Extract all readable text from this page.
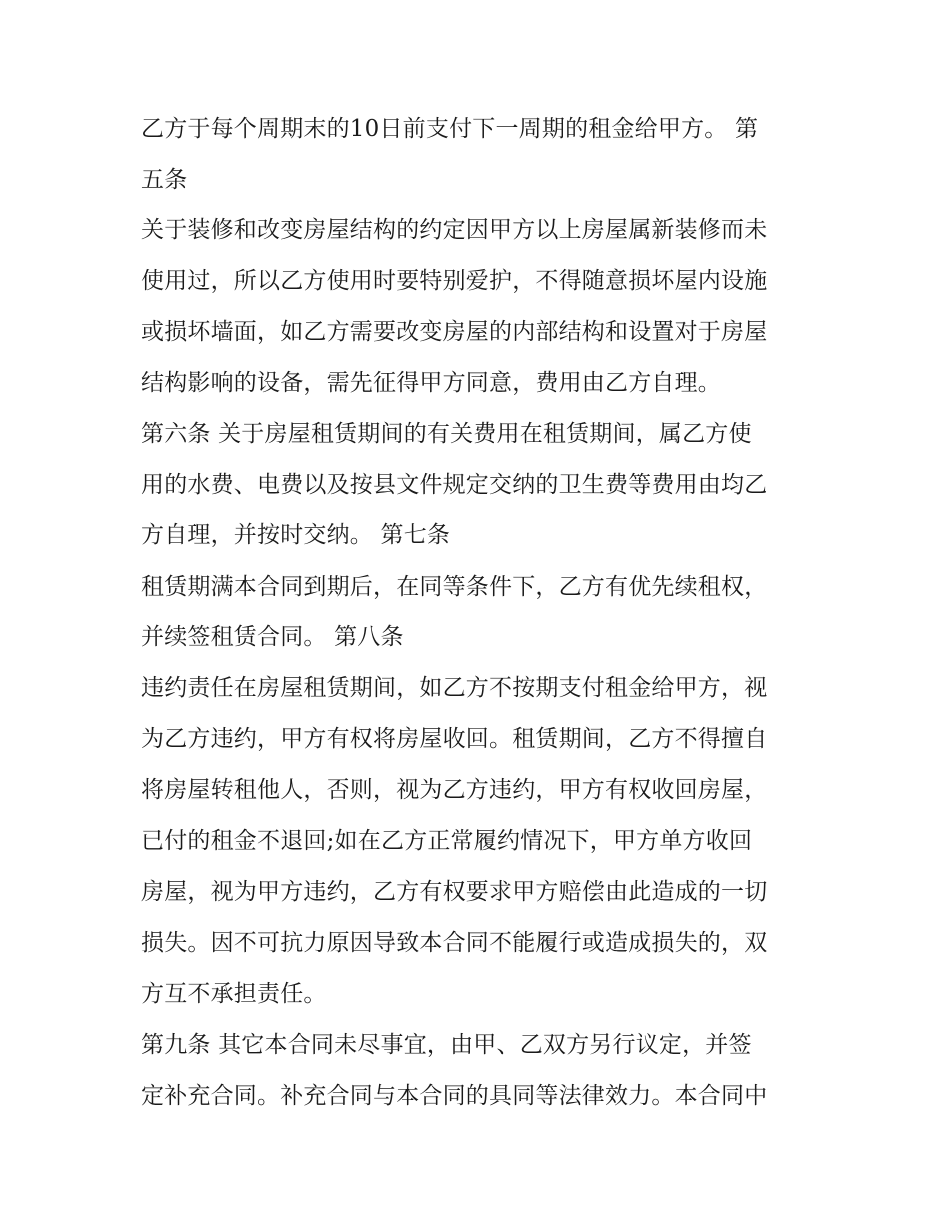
乙方于每个周期末的10日前支付下一周期的租金给甲方。 第
五条
关于装修和改变房屋结构的约定因甲方以上房屋属新装修而未
使用过，所以乙方使用时要特别爱护，不得随意损坏屋内设施
或损坏墙面，如乙方需要改变房屋的内部结构和设置对于房屋
结构影响的设备，需先征得甲方同意，费用由乙方自理。
第六条 关于房屋租赁期间的有关费用在租赁期间，属乙方使
用的水费、电费以及按县文件规定交纳的卫生费等费用由均乙
方自理，并按时交纳。 第七条
租赁期满本合同到期后，在同等条件下，乙方有优先续租权，
并续签租赁合同。 第八条
违约责任在房屋租赁期间，如乙方不按期支付租金给甲方，视
为乙方违约，甲方有权将房屋收回。租赁期间，乙方不得擅自
将房屋转租他人，否则，视为乙方违约，甲方有权收回房屋，
已付的租金不退回;如在乙方正常履约情况下，甲方单方收回
房屋，视为甲方违约，乙方有权要求甲方赔偿由此造成的一切
损失。因不可抗力原因导致本合同不能履行或造成损失的，双
方互不承担责任。
第九条 其它本合同未尽事宜，由甲、乙双方另行议定，并签
定补充合同。补充合同与本合同的具同等法律效力。本合同中
